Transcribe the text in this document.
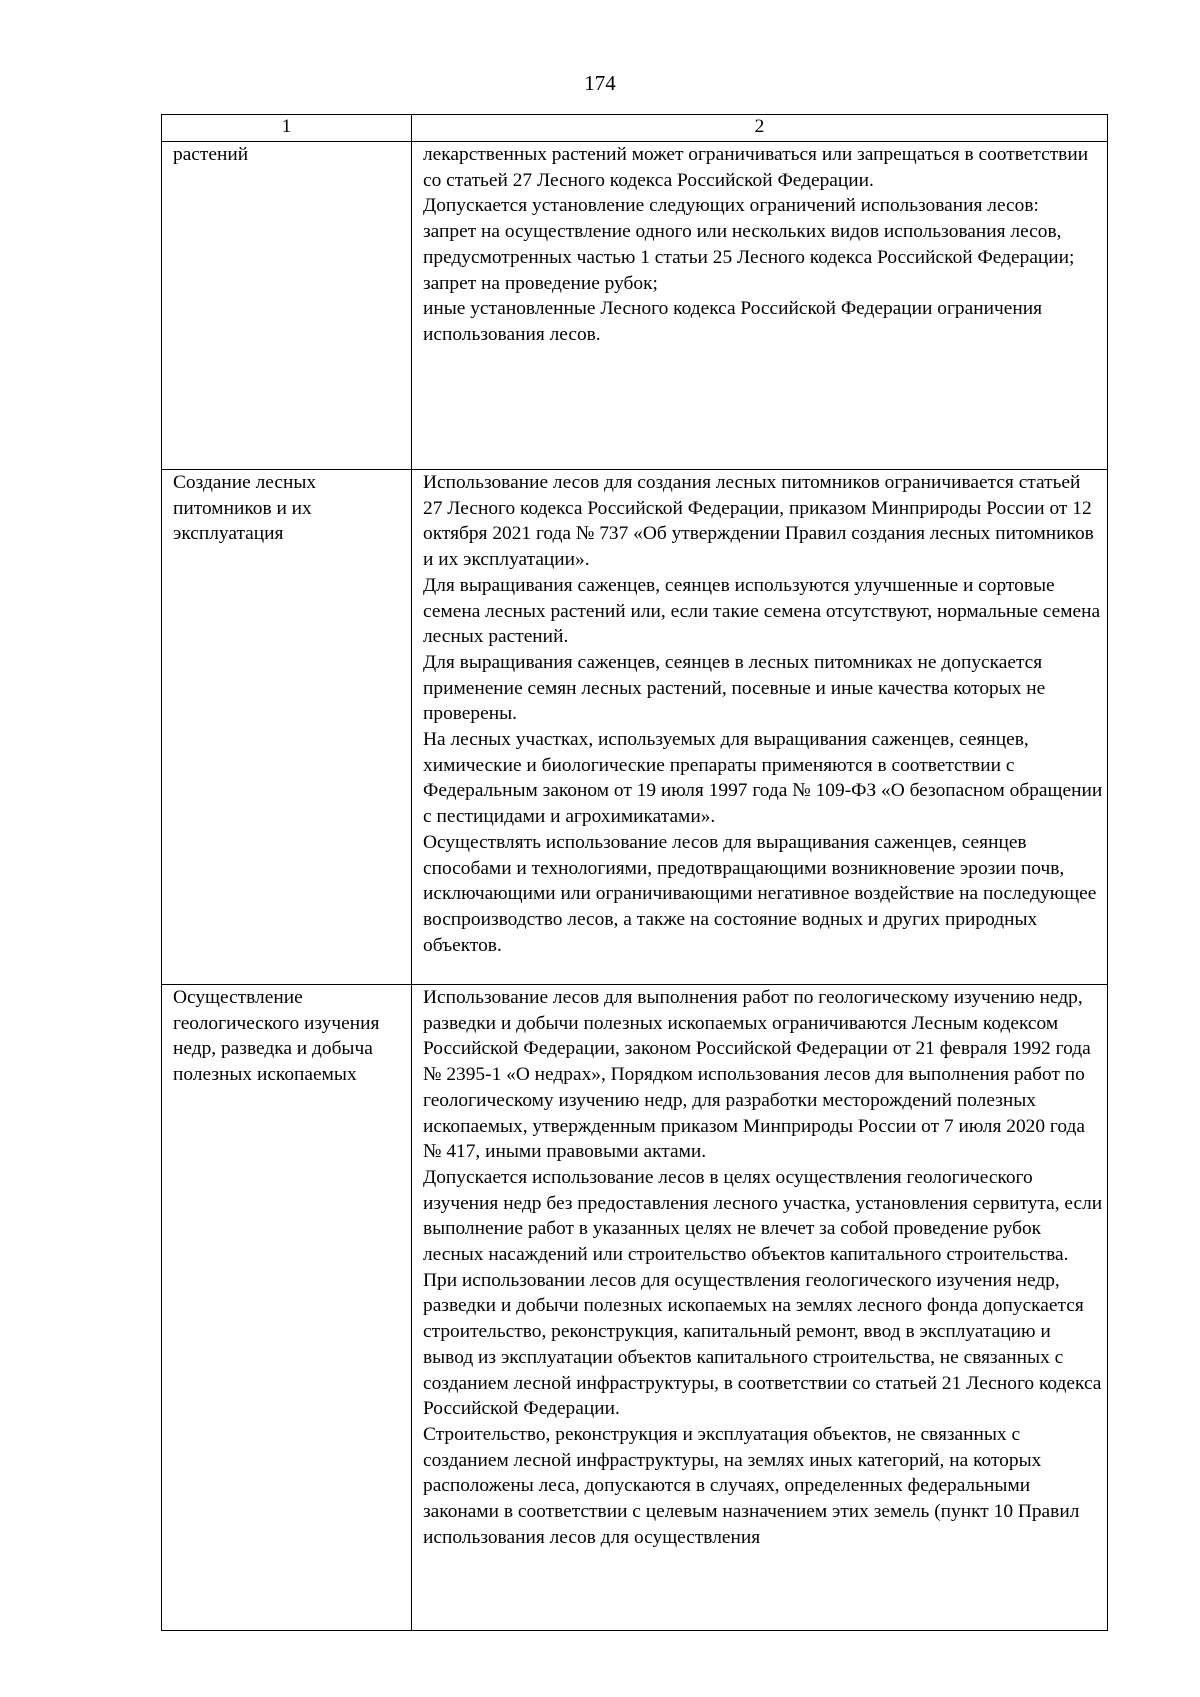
174
1	2
растений	лекарственных растений может ограничиваться или запрещаться в соответствии со статьей 27 Лесного кодекса Российской Федерации.
Допускается установление следующих ограничений использования лесов:
запрет на осуществление одного или нескольких видов использования лесов, предусмотренных частью 1 статьи 25 Лесного кодекса Российской Федерации;
запрет на проведение рубок;
иные установленные Лесного кодекса Российской Федерации ограничения использования лесов.

Создание лесных питомников и их эксплуатация	Использование лесов для создания лесных питомников ограничивается статьей 27 Лесного кодекса Российской Федерации, приказом Минприроды России от 12 октября 2021 года № 737 «Об утверждении Правил создания лесных питомников и их эксплуатации».
Для выращивания саженцев, сеянцев используются улучшенные и сортовые семена лесных растений или, если такие семена отсутствуют, нормальные семена лесных растений.
Для выращивания саженцев, сеянцев в лесных питомниках не допускается применение семян лесных растений, посевные и иные качества которых не проверены.
На лесных участках, используемых для выращивания саженцев, сеянцев, химические и биологические препараты применяются в соответствии с Федеральным законом от 19 июля 1997 года № 109-ФЗ «О безопасном обращении с пестицидами и агрохимикатами».
Осуществлять использование лесов для выращивания саженцев, сеянцев способами и технологиями, предотвращающими возникновение эрозии почв, исключающими или ограничивающими негативное воздействие на последующее воспроизводство лесов, а также на состояние водных и других природных объектов.

Осуществление геологического изучения недр, разведка и добыча полезных ископаемых	Использование лесов для выполнения работ по геологическому изучению недр, разведки и добычи полезных ископаемых ограничиваются Лесным кодексом Российской Федерации, законом Российской Федерации от 21 февраля 1992 года № 2395-1 «О недрах», Порядком использования лесов для выполнения работ по геологическому изучению недр, для разработки месторождений полезных ископаемых, утвержденным приказом Минприроды России от 7 июля 2020 года № 417, иными правовыми актами.
Допускается использование лесов в целях осуществления геологического изучения недр без предоставления лесного участка, установления сервитута, если выполнение работ в указанных целях не влечет за собой проведение рубок лесных насаждений или строительство объектов капитального строительства.
При использовании лесов для осуществления геологического изучения недр, разведки и добычи полезных ископаемых на землях лесного фонда допускается строительство, реконструкция, капитальный ремонт, ввод в эксплуатацию и вывод из эксплуатации объектов капитального строительства, не связанных с созданием лесной инфраструктуры, в соответствии со статьей 21 Лесного кодекса Российской Федерации.
Строительство, реконструкция и эксплуатация объектов, не связанных с созданием лесной инфраструктуры, на землях иных категорий, на которых расположены леса, допускаются в случаях, определенных федеральными законами в соответствии с целевым назначением этих земель (пункт 10 Правил использования лесов для осуществления
